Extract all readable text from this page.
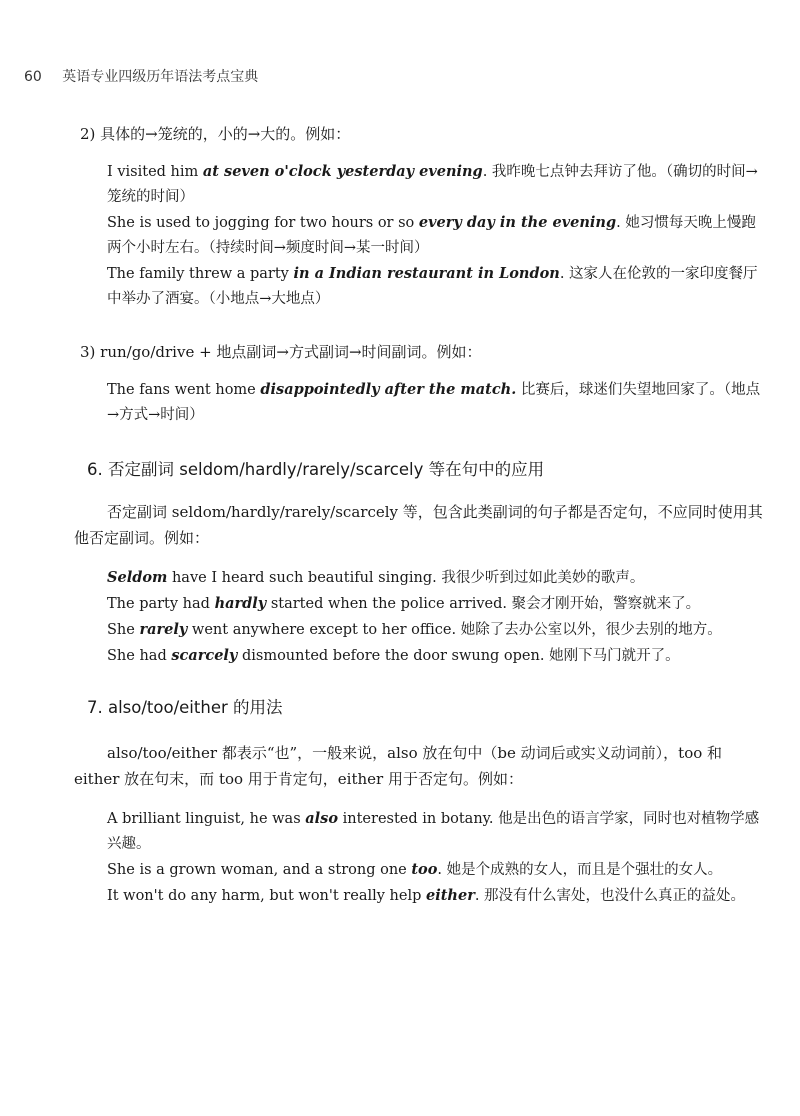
60 英语专业四级历年语法考点宝典
2) 具体的→笼统的，小的→大的。例如：

I visited him at seven o'clock yesterday evening. 我昨晚七点钟去拜访了他。（确切的时间→笼统的时间）

She is used to jogging for two hours or so every day in the evening. 她习惯每天晚上慢跑两个小时左右。（持续时间→频度时间→某一时间）

The family threw a party in a Indian restaurant in London. 这家人在伦敦的一家印度餐厅中举办了酒宴。（小地点→大地点）

3) run/go/drive + 地点副词→方式副词→时间副词。例如：

The fans went home disappointedly after the match. 比赛后，球迷们失望地回家了。（地点→方式→时间）

6. 否定副词 seldom/hardly/rarely/scarcely 等在句中的应用

否定副词 seldom/hardly/rarely/scarcely 等，包含此类副词的句子都是否定句，不应同时使用其他否定副词。例如：

Seldom have I heard such beautiful singing. 我很少听到过如此美妙的歌声。

The party had hardly started when the police arrived. 聚会才刚开始，警察就来了。

She rarely went anywhere except to her office. 她除了去办公室以外，很少去别的地方。

She had scarcely dismounted before the door swung open. 她刚下马门就开了。

7. also/too/either 的用法

also/too/either 都表示“也”，一般来说，also 放在句中（be 动词后或实义动词前），too 和 either 放在句末，而 too 用于肯定句，either 用于否定句。例如：

A brilliant linguist, he was also interested in botany. 他是出色的语言学家，同时也对植物学感兴趣。

She is a grown woman, and a strong one too. 她是个成熟的女人，而且是个强壮的女人。

It won't do any harm, but won't really help either. 那没有什么害处，也没什么真正的益处。
